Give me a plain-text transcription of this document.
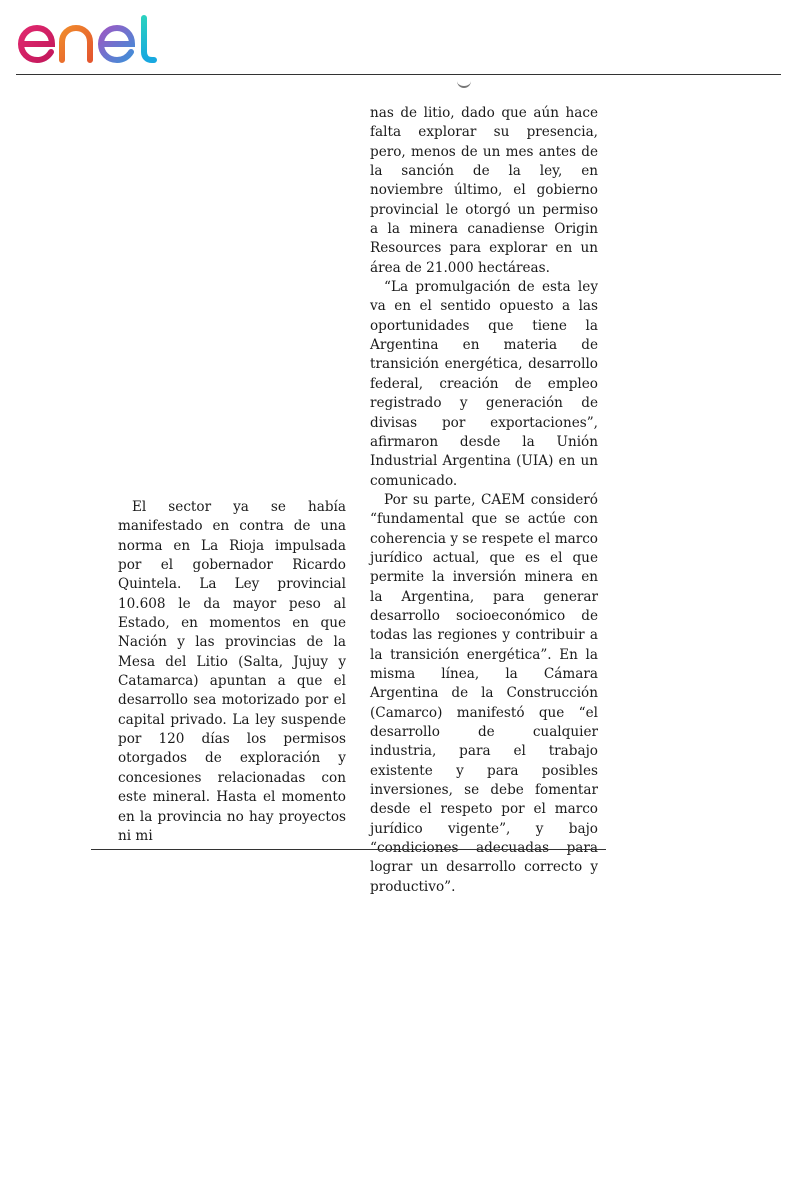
El sector ya se había manifestado en contra de una norma en La Rioja impulsada por el gobernador Ricardo Quintela. La Ley provincial 10.608 le da mayor peso al Estado, en momentos en que Nación y las provincias de la Mesa del Litio (Salta, Jujuy y Catamarca) apuntan a que el desarrollo sea motorizado por el capital privado. La ley suspende por 120 días los permisos otorgados de exploración y concesiones relacionadas con este mineral. Hasta el momento en la provincia no hay proyectos ni mi

nas de litio, dado que aún hace falta explorar su presencia, pero, menos de un mes antes de la sanción de la ley, en noviembre último, el gobierno provincial le otorgó un permiso a la minera canadiense Origin Resources para explorar en un área de 21.000 hectáreas.

“La promulgación de esta ley va en el sentido opuesto a las oportunidades que tiene la Argentina en materia de transición energética, desarrollo federal, creación de empleo registrado y generación de divisas por exportaciones”, afirmaron desde la Unión Industrial Argentina (UIA) en un comunicado.

Por su parte, CAEM consideró “fundamental que se actúe con coherencia y se respete el marco jurídico actual, que es el que permite la inversión minera en la Argentina, para generar desarrollo socioeconómico de todas las regiones y contribuir a la transición energética”. En la misma línea, la Cámara Argentina de la Construcción (Camarco) manifestó que “el desarrollo de cualquier industria, para el trabajo existente y para posibles inversiones, se debe fomentar desde el respeto por el marco jurídico vigente”, y bajo “condiciones adecuadas para lograr un desarrollo correcto y productivo”.
